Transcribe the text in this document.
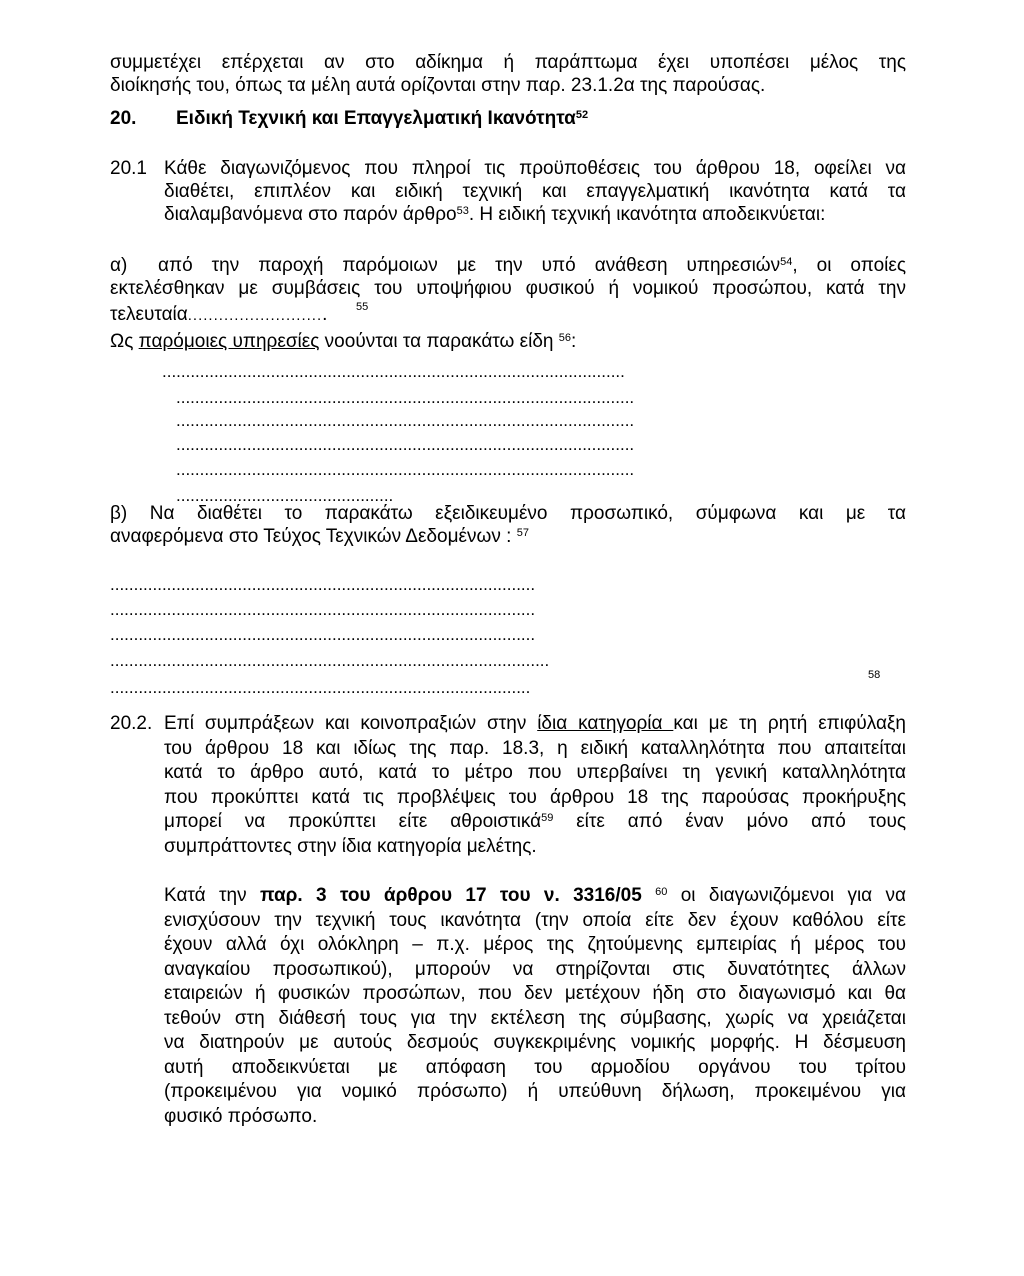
συμμετέχει επέρχεται αν στο αδίκημα ή παράπτωμα έχει υποπέσει μέλος της

διοίκησής του, όπως τα μέλη αυτά ορίζονται στην παρ. 23.1.2α της παρούσας.

20. Ειδική Τεχνική και Επαγγελματική Ικανότητα$^{52}$
20.1 Κάθε διαγωνιζόμενος που πληροί τις προϋποθέσεις του άρθρου 18, οφείλει να

διαθέτει, επιπλέον και ειδική τεχνική και επαγγελματική ικανότητα κατά τα

διαλαμβανόμενα στο παρόν άρθρο$^{53}$. Η ειδική τεχνική ικανότητα αποδεικνύεται:

α) από την παροχή παρόμοιων με την υπό ανάθεση υπηρεσιών$^{54}$, οι οποίες

εκτελέσθηκαν με συμβάσεις του υποψήφιου φυσικού ή νομικού προσώπου, κατά την

τελευταία...........................	55
Ως παρόμοιες υπηρεσίες νοούνται τα παρακάτω είδη $^{56}$:
..................................................................................................
.................................................................................................
.................................................................................................
.................................................................................................
.................................................................................................
..............................................

β) Να διαθέτει το παρακάτω εξειδικευμένο προσωπικό, σύμφωνα και με τα

αναφερόμενα στο Τεύχος Τεχνικών Δεδομένων : $^{57}$

..........................................................................................
..........................................................................................
..........................................................................................
.............................................................................................
.........................................................................................
58
20.2. Επί συμπράξεων και κοινοπραξιών στην ίδια κατηγορία και με τη ρητή επιφύλαξη

του άρθρου 18 και ιδίως της παρ. 18.3, η ειδική καταλληλότητα που απαιτείται

κατά το άρθρο αυτό, κατά το μέτρο που υπερβαίνει τη γενική καταλληλότητα

που προκύπτει κατά τις προβλέψεις του άρθρου 18 της παρούσας προκήρυξης

μπορεί να προκύπτει είτε αθροιστικά$^{59}$ είτε από έναν μόνο από τους

συμπράττοντες στην ίδια κατηγορία μελέτης.

Κατά την παρ. 3 του άρθρου 17 του ν. 3316/05 $^{60}$ οι διαγωνιζόμενοι για να

ενισχύσουν την τεχνική τους ικανότητα (την οποία είτε δεν έχουν καθόλου είτε

έχουν αλλά όχι ολόκληρη – π.χ. μέρος της ζητούμενης εμπειρίας ή μέρος του

αναγκαίου προσωπικού), μπορούν να στηρίζονται στις δυνατότητες άλλων

εταιρειών ή φυσικών προσώπων, που δεν μετέχουν ήδη στο διαγωνισμό και θα

τεθούν στη διάθεσή τους για την εκτέλεση της σύμβασης, χωρίς να χρειάζεται

να διατηρούν με αυτούς δεσμούς συγκεκριμένης νομικής μορφής. Η δέσμευση

αυτή αποδεικνύεται με απόφαση του αρμοδίου οργάνου του τρίτου

(προκειμένου για νομικό πρόσωπο) ή υπεύθυνη δήλωση, προκειμένου για

φυσικό πρόσωπο.
